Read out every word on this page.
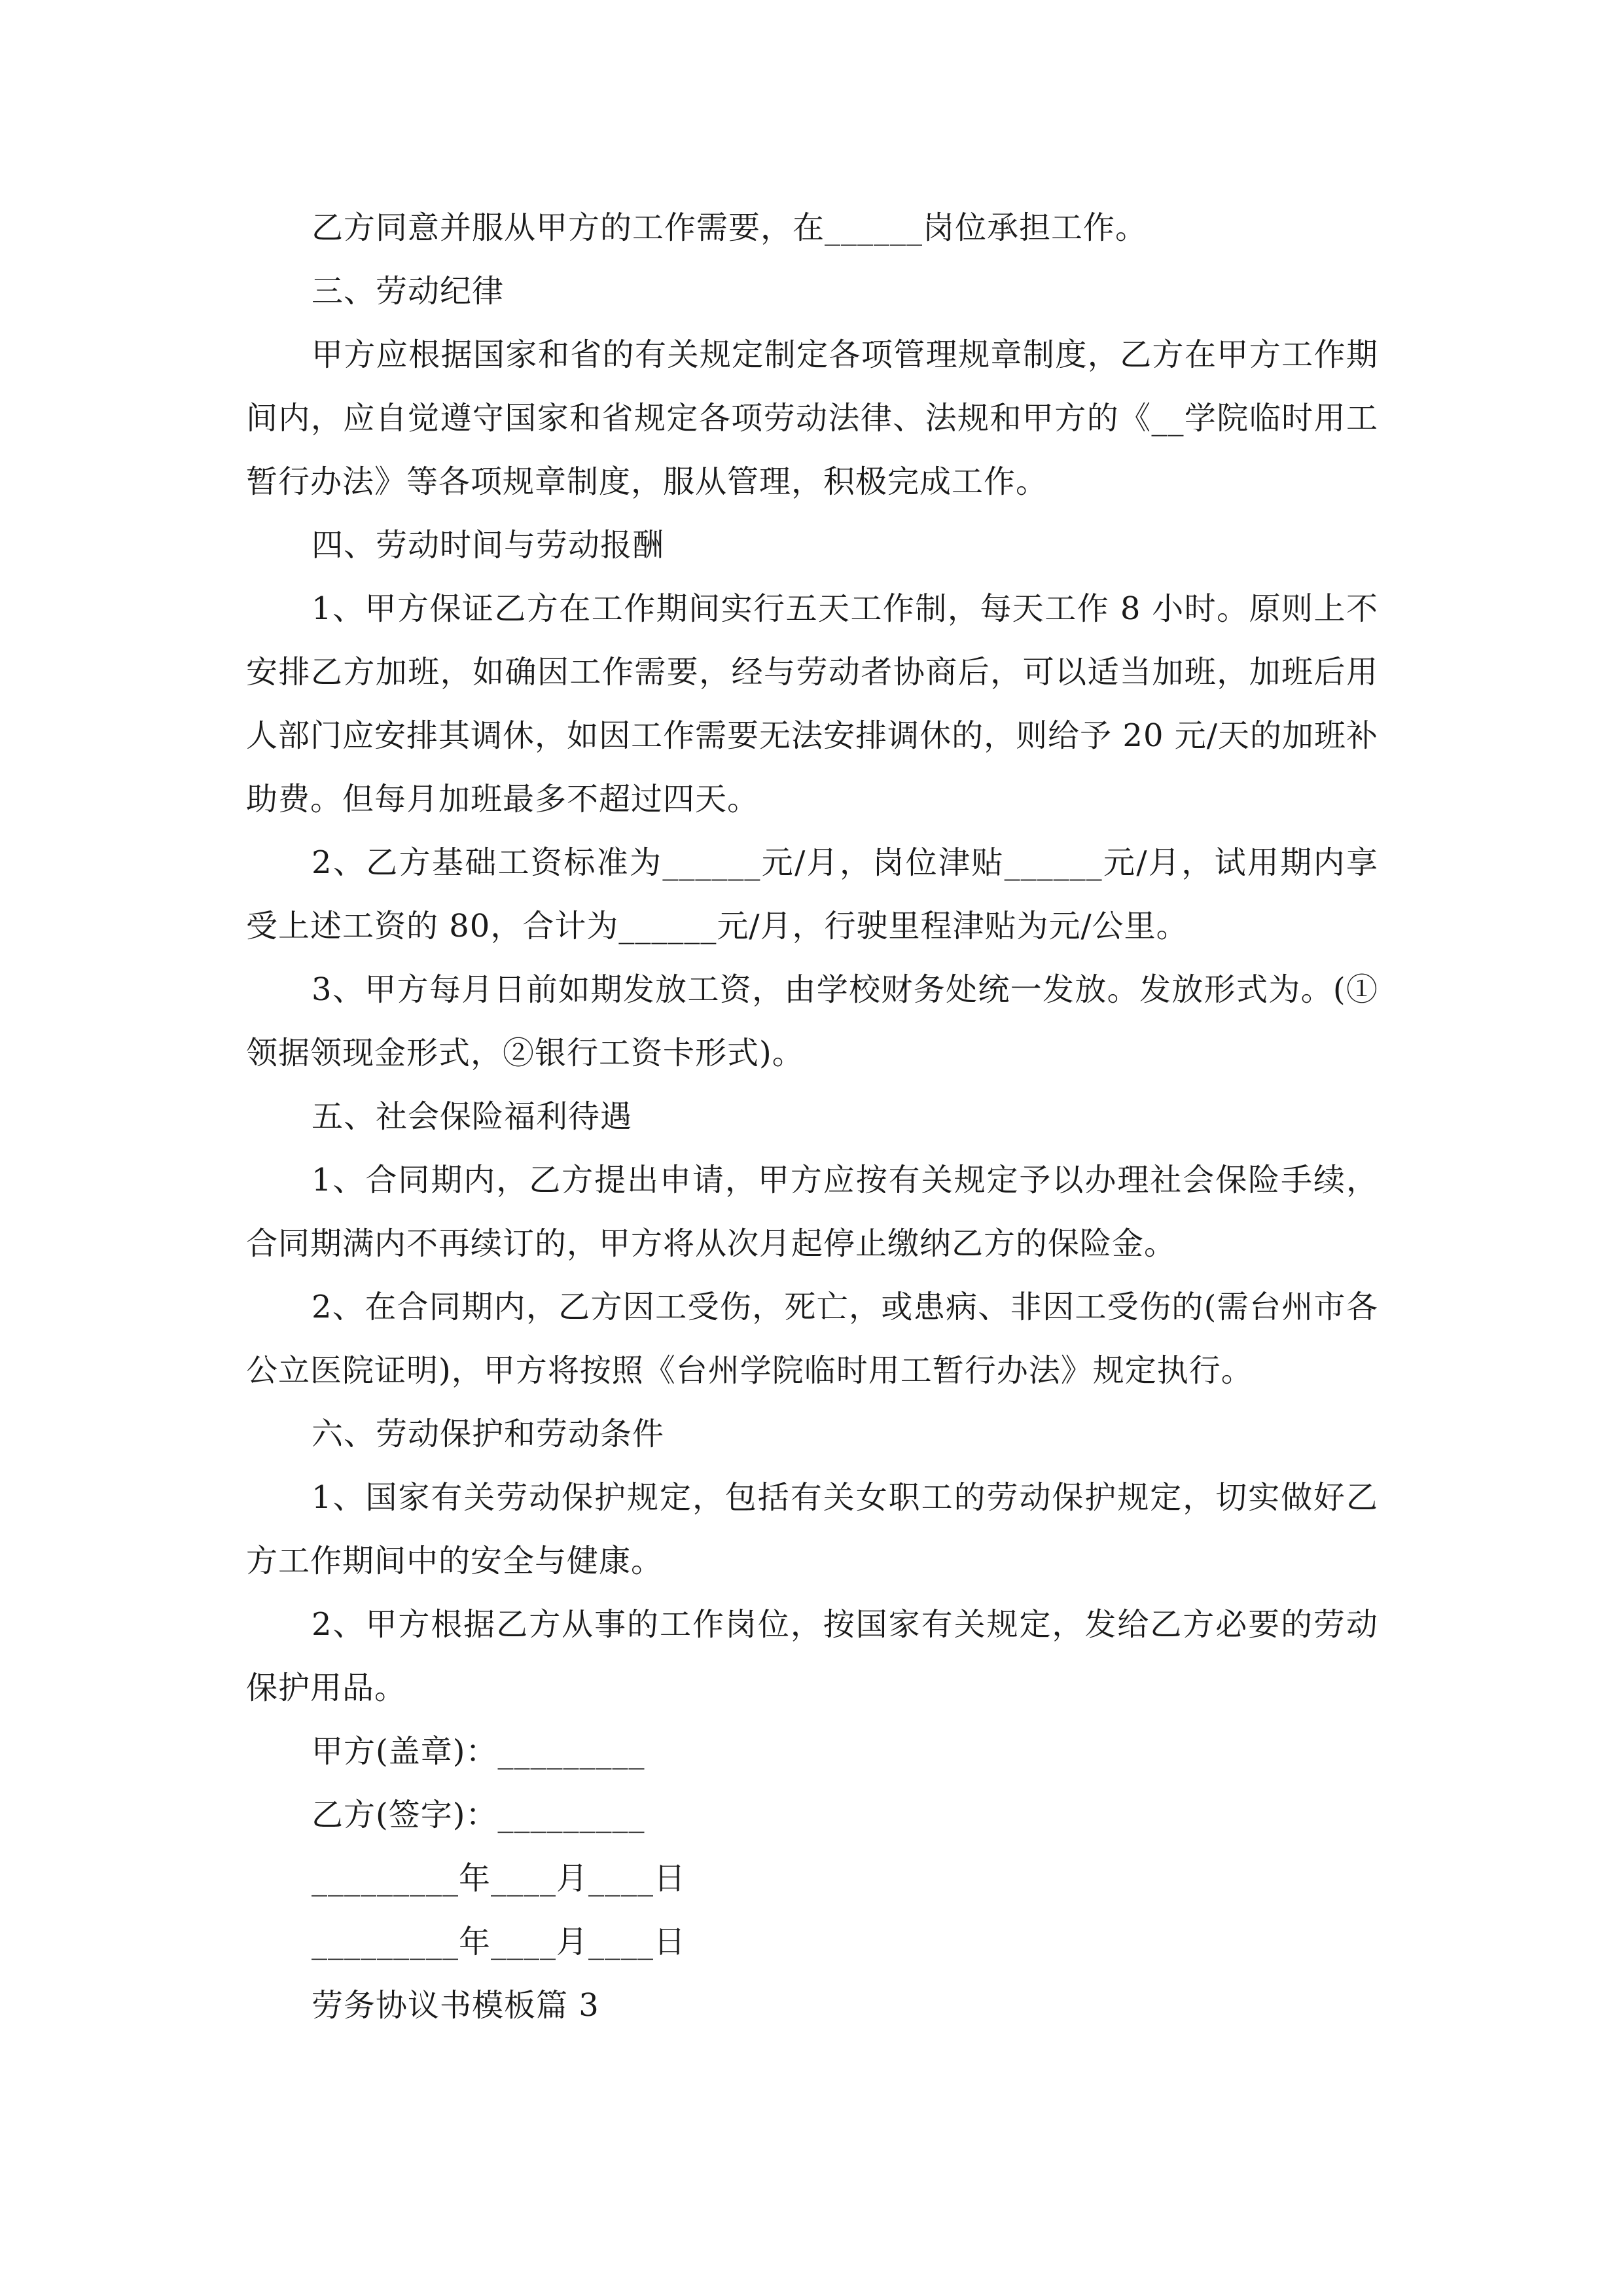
乙方同意并服从甲方的工作需要，在______岗位承担工作。

三、劳动纪律

甲方应根据国家和省的有关规定制定各项管理规章制度，乙方在甲方工作期间内，应自觉遵守国家和省规定各项劳动法律、法规和甲方的《__学院临时用工暂行办法》等各项规章制度，服从管理，积极完成工作。

四、劳动时间与劳动报酬

1、甲方保证乙方在工作期间实行五天工作制，每天工作 8 小时。原则上不安排乙方加班，如确因工作需要，经与劳动者协商后，可以适当加班，加班后用人部门应安排其调休，如因工作需要无法安排调休的，则给予 20 元/天的加班补助费。但每月加班最多不超过四天。

2、乙方基础工资标准为______元/月，岗位津贴______元/月，试用期内享受上述工资的 80，合计为______元/月，行驶里程津贴为元/公里。

3、甲方每月日前如期发放工资，由学校财务处统一发放。发放形式为。(①领据领现金形式，②银行工资卡形式)。

五、社会保险福利待遇

1、合同期内，乙方提出申请，甲方应按有关规定予以办理社会保险手续，合同期满内不再续订的，甲方将从次月起停止缴纳乙方的保险金。

2、在合同期内，乙方因工受伤，死亡，或患病、非因工受伤的(需台州市各公立医院证明)，甲方将按照《台州学院临时用工暂行办法》规定执行。

六、劳动保护和劳动条件

1、国家有关劳动保护规定，包括有关女职工的劳动保护规定，切实做好乙方工作期间中的安全与健康。

2、甲方根据乙方从事的工作岗位，按国家有关规定，发给乙方必要的劳动保护用品。

甲方(盖章)：_________

乙方(签字)：_________

_________年____月____日

_________年____月____日

劳务协议书模板篇 3
